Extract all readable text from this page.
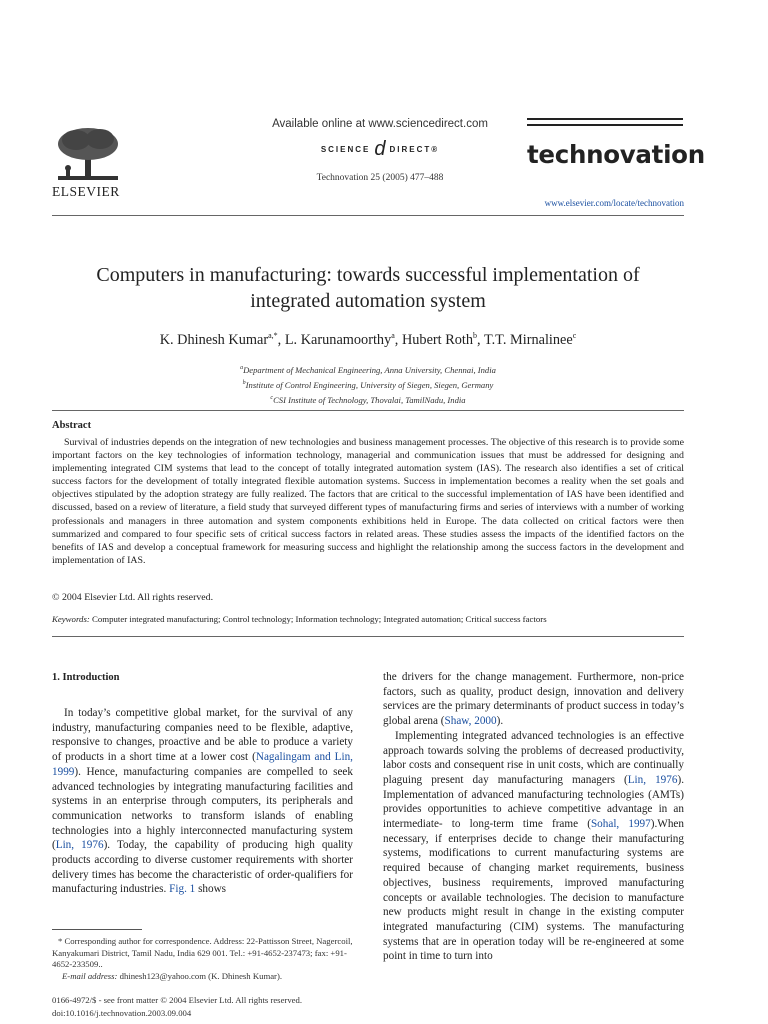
Available online at www.sciencedirect.com
SCIENCE d DIRECT®
Technovation 25 (2005) 477–488
ELSEVIER
technovation
www.elsevier.com/locate/technovation
Computers in manufacturing: towards successful implementation of
integrated automation system
K. Dhinesh Kumar$^{a,*}$, L. Karunamoorthy$^a$, Hubert Roth$^b$, T.T. Mirnalinee$^c$
$^a$Department of Mechanical Engineering, Anna University, Chennai, India
$^b$Institute of Control Engineering, University of Siegen, Siegen, Germany
$^c$CSI Institute of Technology, Thovalai, TamilNadu, India
Abstract
Survival of industries depends on the integration of new technologies and business management processes. The objective of this research is to provide some important factors on the key technologies of information technology, managerial and communication issues that must be addressed for designing and implementing integrated CIM systems that lead to the concept of totally integrated automation system (IAS). The research also identifies a set of critical success factors for the development of totally integrated flexible automation systems. Success in implementation becomes a reality when the set goals and objectives stipulated by the adoption strategy are fully realized. The factors that are critical to the successful implementation of IAS have been identified and discussed, based on a review of literature, a field study that surveyed different types of manufacturing firms and series of interviews with a number of working professionals and managers in three automation and system components exhibitions held in Europe. The data collected on critical factors were then summarized and compared to four specific sets of critical success factors in related areas. These studies assess the impacts of the identified factors on the benefits of IAS and develop a conceptual framework for measuring success and highlight the relationship among the success factors in the development and implementation of IAS.
© 2004 Elsevier Ltd. All rights reserved.
Keywords: Computer integrated manufacturing; Control technology; Information technology; Integrated automation; Critical success factors
1. Introduction

In today’s competitive global market, for the survival of any industry, manufacturing companies need to be flexible, adaptive, responsive to changes, proactive and be able to produce a variety of products in a short time at a lower cost (Nagalingam and Lin, 1999). Hence, manufacturing companies are compelled to seek advanced technologies by integrating manufacturing facilities and systems in an enterprise through computers, its peripherals and communication networks to transform islands of enabling technologies into a highly interconnected manufacturing system (Lin, 1976). Today, the capability of producing high quality products according to diverse customer requirements with shorter delivery times has become the characteristic of order-qualifiers for manufacturing industries. Fig. 1 shows

the drivers for the change management. Furthermore, non-price factors, such as quality, product design, innovation and delivery services are the primary determinants of product success in today’s global arena (Shaw, 2000).

Implementing integrated advanced technologies is an effective approach towards solving the problems of decreased productivity, labor costs and consequent rise in unit costs, which are continually plaguing present day manufacturing managers (Lin, 1976). Implementation of advanced manufacturing technologies (AMTs) provides opportunities to achieve competitive advantage in an intermediate- to long-term time frame (Sohal, 1997).When necessary, if enterprises decide to change their manufacturing systems, modifications to current manufacturing systems are required because of changing market requirements, business objectives, business requirements, improved manufacturing concepts or available technologies. The decision to manufacture new products might result in change in the existing computer integrated manufacturing (CIM) systems. The manufacturing systems that are in operation today will be re-engineered at some point in time to turn into

* Corresponding author for correspondence. Address: 22-Pattisson Street, Nagercoil, Kanyakumari District, Tamil Nadu, India 629 001. Tel.: +91-4652-237473; fax: +91-4652-233509..
E-mail address: dhinesh123@yahoo.com (K. Dhinesh Kumar).
0166-4972/$ - see front matter © 2004 Elsevier Ltd. All rights reserved.
doi:10.1016/j.technovation.2003.09.004
